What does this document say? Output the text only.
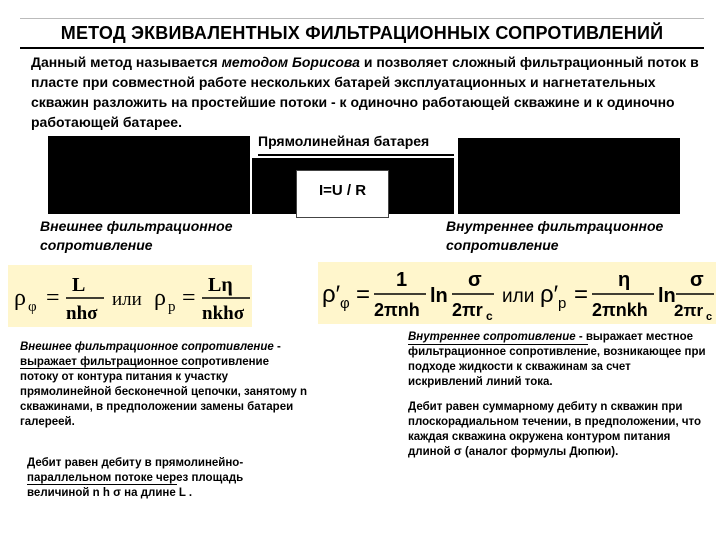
МЕТОД ЭКВИВАЛЕНТНЫХ ФИЛЬТРАЦИОННЫХ СОПРОТИВЛЕНИЙ
Данный метод называется методом Борисова и позволяет сложный фильтрационный поток в пласте при совместной работе нескольких батарей эксплуатационных и нагнетательных скважин разложить на простейшие потоки - к одиночно работающей скважине и к одиночно работающей батарее.
Прямолинейная батарея
I=U / R
Внешнее фильтрационное сопротивление
Внутреннее фильтрационное сопротивление
ρ φ = L
nhσ
или ρ р = Lη
nkhσ
ρ′ φ =
1
2πnh
ln
σ
2πr c
или ρ′ р =
η
2πnkh
ln
σ
2πr c
Внешнее фильтрационное сопротивление - выражает фильтрационное сопротивление потоку от контура питания к участку прямолинейной бесконечной цепочки, занятому n скважинами, в предположении замены батареи галереей.
Дебит равен дебиту в прямолинейно-параллельном потоке через площадь величиной n h σ на длине L .
Внутреннее сопротивление - выражает местное фильтрационное сопротивление, возникающее при подходе жидкости к скважинам за счет искривлений линий тока.
Дебит равен суммарному дебиту n скважин при плоскорадиальном течении, в предположении, что каждая скважина окружена контуром питания длиной σ (аналог формулы Дюпюи).
